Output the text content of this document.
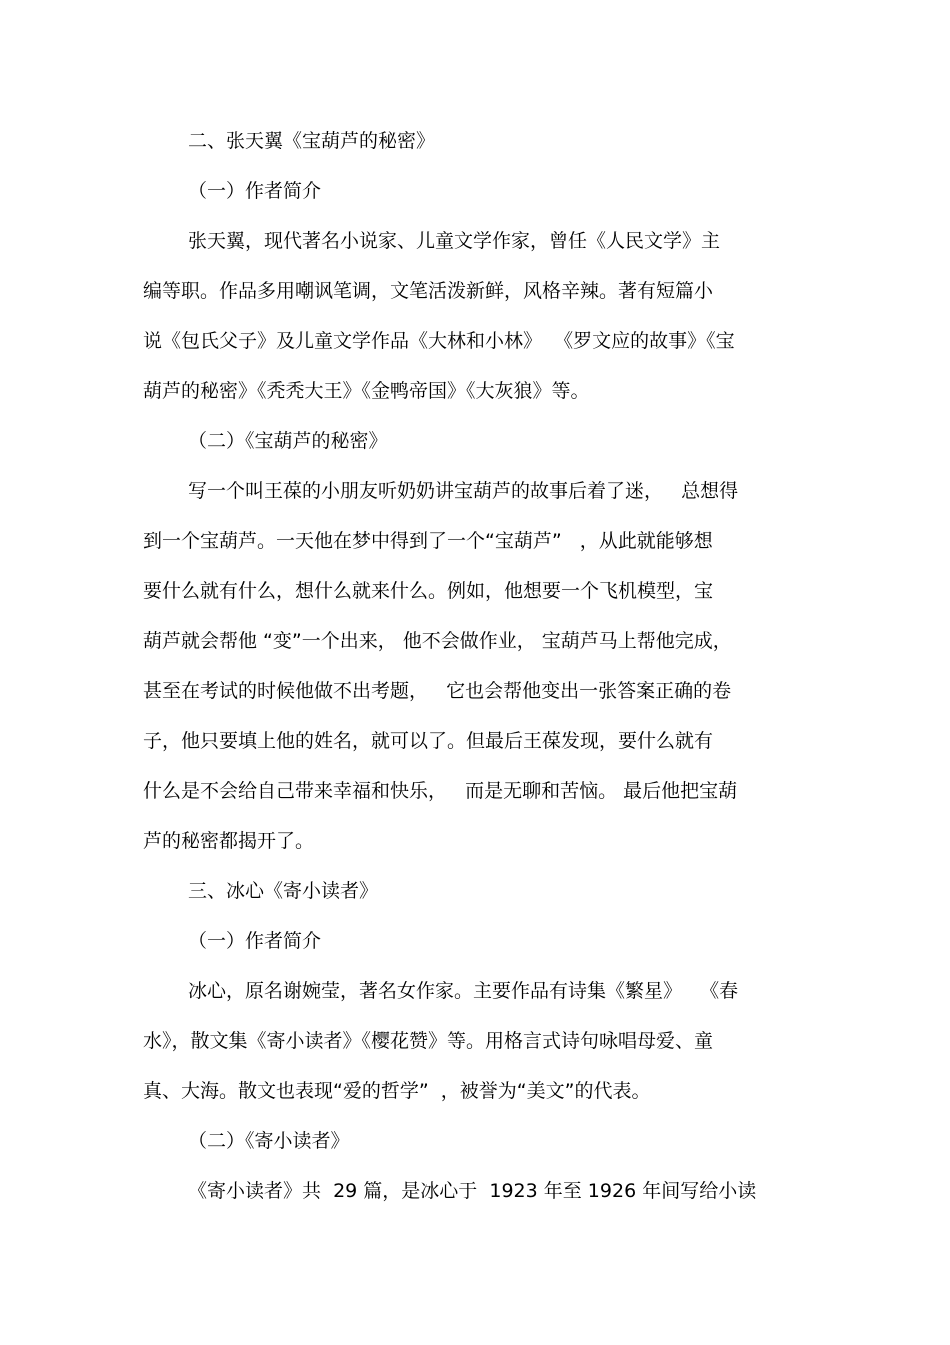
二、张天翼《宝葫芦的秘密》

（一）作者简介

张天翼，现代著名小说家、儿童文学作家，曾任《人民文学》主

编等职。作品多用嘲讽笔调，文笔活泼新鲜，风格辛辣。著有短篇小

说《包氏父子》及儿童文学作品《大林和小林》  《罗文应的故事》《宝

葫芦的秘密》《秃秃大王》《金鸭帝国》《大灰狼》等。

（二）《宝葫芦的秘密》

写一个叫王葆的小朋友听奶奶讲宝葫芦的故事后着了迷，   总想得

到一个宝葫芦。一天他在梦中得到了一个“宝葫芦”   ，从此就能够想

要什么就有什么，想什么就来什么。例如，他想要一个飞机模型，宝

葫芦就会帮他 “变”一个出来， 他不会做作业， 宝葫芦马上帮他完成，

甚至在考试的时候他做不出考题，   它也会帮他变出一张答案正确的卷

子，他只要填上他的姓名，就可以了。但最后王葆发现，要什么就有

什么是不会给自己带来幸福和快乐，   而是无聊和苦恼。 最后他把宝葫

芦的秘密都揭开了。

三、冰心《寄小读者》

（一）作者简介

冰心，原名谢婉莹，著名女作家。主要作品有诗集《繁星》   《春

水》，散文集《寄小读者》《樱花赞》等。用格言式诗句咏唱母爱、童

真、大海。散文也表现“爱的哲学”  ，被誉为“美文”的代表。

（二）《寄小读者》

《寄小读者》共  29 篇，是冰心于  1923 年至 1926 年间写给小读
